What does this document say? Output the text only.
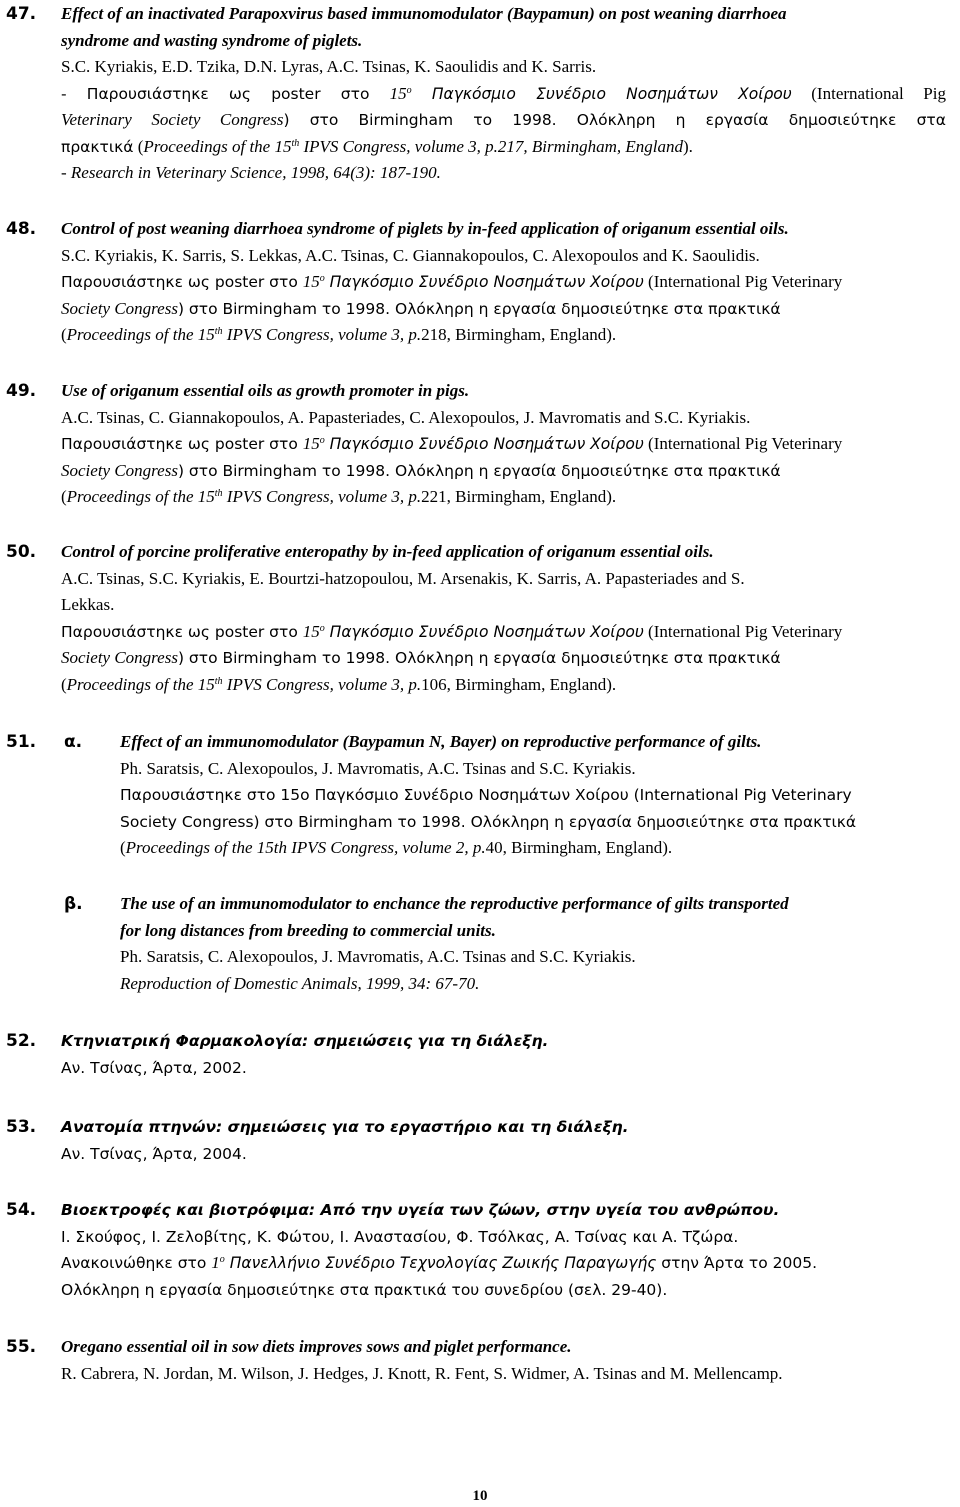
47. Effect of an inactivated Parapoxvirus based immunomodulator (Baypamun) on post weaning diarrhoea
syndrome and wasting syndrome of piglets.
S.C. Kyriakis, E.D. Tzika, D.N. Lyras, A.C. Tsinas, K. Saoulidis and K. Sarris.
- Παρουσιάστηκε ως poster στο $15^o$ Παγκόσμιο Συνέδριο Νοσημάτων Χοίρου (International Pig
Veterinary Society Congress) στο Birmingham το 1998. Ολόκληρη η εργασία δημοσιεύτηκε στα
πρακτικά (Proceedings of the 15th IPVS Congress, volume 3, p.217, Birmingham, England).
- Research in Veterinary Science, 1998, 64(3): 187-190.
48. Control of post weaning diarrhoea syndrome of piglets by in-feed application of origanum essential oils.
S.C. Kyriakis, K. Sarris, S. Lekkas, A.C. Tsinas, C. Giannakopoulos, C. Alexopoulos and K. Saoulidis.
Παρουσιάστηκε ως poster στο $15^o$ Παγκόσμιο Συνέδριο Νοσημάτων Χοίρου (International Pig Veterinary
Society Congress) στο Birmingham το 1998. Ολόκληρη η εργασία δημοσιεύτηκε στα πρακτικά
(Proceedings of the 15th IPVS Congress, volume 3, p.218, Birmingham, England).
49. Use of origanum essential oils as growth promoter in pigs.
A.C. Tsinas, C. Giannakopoulos, A. Papasteriades, C. Alexopoulos, J. Mavromatis and S.C. Kyriakis.
Παρουσιάστηκε ως poster στο $15^o$ Παγκόσμιο Συνέδριο Νοσημάτων Χοίρου (International Pig Veterinary
Society Congress) στο Birmingham το 1998. Ολόκληρη η εργασία δημοσιεύτηκε στα πρακτικά
(Proceedings of the 15th IPVS Congress, volume 3, p.221, Birmingham, England).
50. Control of porcine proliferative enteropathy by in-feed application of origanum essential oils.
A.C. Tsinas, S.C. Kyriakis, E. Bourtzi-hatzopoulou, M. Arsenakis, K. Sarris, A. Papasteriades and S.
Lekkas.
Παρουσιάστηκε ως poster στο $15^o$ Παγκόσμιο Συνέδριο Νοσημάτων Χοίρου (International Pig Veterinary
Society Congress) στο Birmingham το 1998. Ολόκληρη η εργασία δημοσιεύτηκε στα πρακτικά
(Proceedings of the 15th IPVS Congress, volume 3, p.106, Birmingham, England).
51. α. Effect of an immunomodulator (Baypamun N, Bayer) on reproductive performance of gilts.
Ph. Saratsis, C. Alexopoulos, J. Mavromatis, A.C. Tsinas and S.C. Kyriakis.
Παρουσιάστηκε στο 15ο Παγκόσμιο Συνέδριο Νοσημάτων Χοίρου (International Pig Veterinary
Society Congress) στο Birmingham το 1998. Ολόκληρη η εργασία δημοσιεύτηκε στα πρακτικά
(Proceedings of the 15th IPVS Congress, volume 2, p.40, Birmingham, England).
β. The use of an immunomodulator to enchance the reproductive performance of gilts transported
for long distances from breeding to commercial units.
Ph. Saratsis, C. Alexopoulos, J. Mavromatis, A.C. Tsinas and S.C. Kyriakis.
Reproduction of Domestic Animals, 1999, 34: 67-70.
52. Κτηνιατρική Φαρμακολογία: σημειώσεις για τη διάλεξη.
Αν. Τσίνας, Άρτα, 2002.
53. Ανατομία πτηνών: σημειώσεις για το εργαστήριο και τη διάλεξη.
Αν. Τσίνας, Άρτα, 2004.
54. Βιοεκτροφές και βιοτρόφιμα: Από την υγεία των ζώων, στην υγεία του ανθρώπου.
Ι. Σκούφος, Ι. Ζελοβίτης, Κ. Φώτου, Ι. Αναστασίου, Φ. Τσόλκας, Α. Τσίνας και Α. Τζώρα.
Ανακοινώθηκε στο $1^o$ Πανελλήνιο Συνέδριο Τεχνολογίας Ζωικής Παραγωγής στην Άρτα το 2005.
Ολόκληρη η εργασία δημοσιεύτηκε στα πρακτικά του συνεδρίου (σελ. 29-40).
55. Oregano essential oil in sow diets improves sows and piglet performance.
R. Cabrera, N. Jordan, M. Wilson, J. Hedges, J. Knott, R. Fent, S. Widmer, A. Tsinas and M. Mellencamp.
10
